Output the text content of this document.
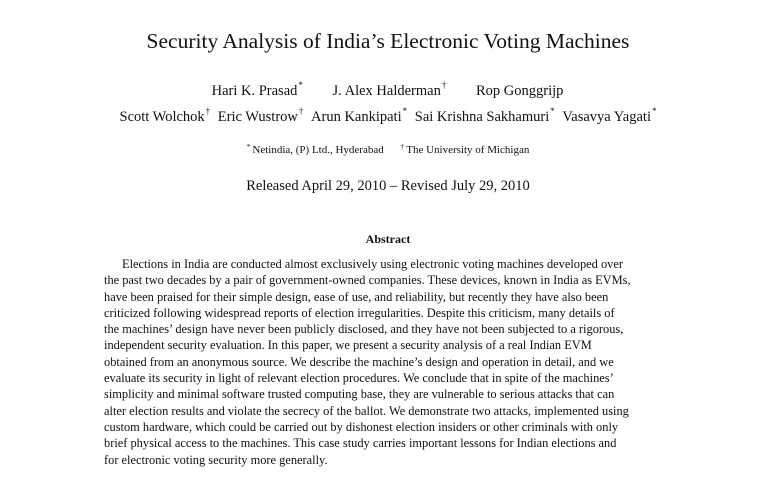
Security Analysis of India’s Electronic Voting Machines
Hari K. Prasad* J. Alex Halderman† Rop Gonggrijp
Scott Wolchok† Eric Wustrow† Arun Kankipati* Sai Krishna Sakhamuri* Vasavya Yagati*
* Netindia, (P) Ltd., Hyderabad † The University of Michigan
Released April 29, 2010 – Revised July 29, 2010
Abstract
Elections in India are conducted almost exclusively using electronic voting machines developed over
the past two decades by a pair of government-owned companies. These devices, known in India as EVMs,
have been praised for their simple design, ease of use, and reliability, but recently they have also been
criticized following widespread reports of election irregularities. Despite this criticism, many details of
the machines’ design have never been publicly disclosed, and they have not been subjected to a rigorous,
independent security evaluation. In this paper, we present a security analysis of a real Indian EVM
obtained from an anonymous source. We describe the machine’s design and operation in detail, and we
evaluate its security in light of relevant election procedures. We conclude that in spite of the machines’
simplicity and minimal software trusted computing base, they are vulnerable to serious attacks that can
alter election results and violate the secrecy of the ballot. We demonstrate two attacks, implemented using
custom hardware, which could be carried out by dishonest election insiders or other criminals with only
brief physical access to the machines. This case study carries important lessons for Indian elections and
for electronic voting security more generally.
